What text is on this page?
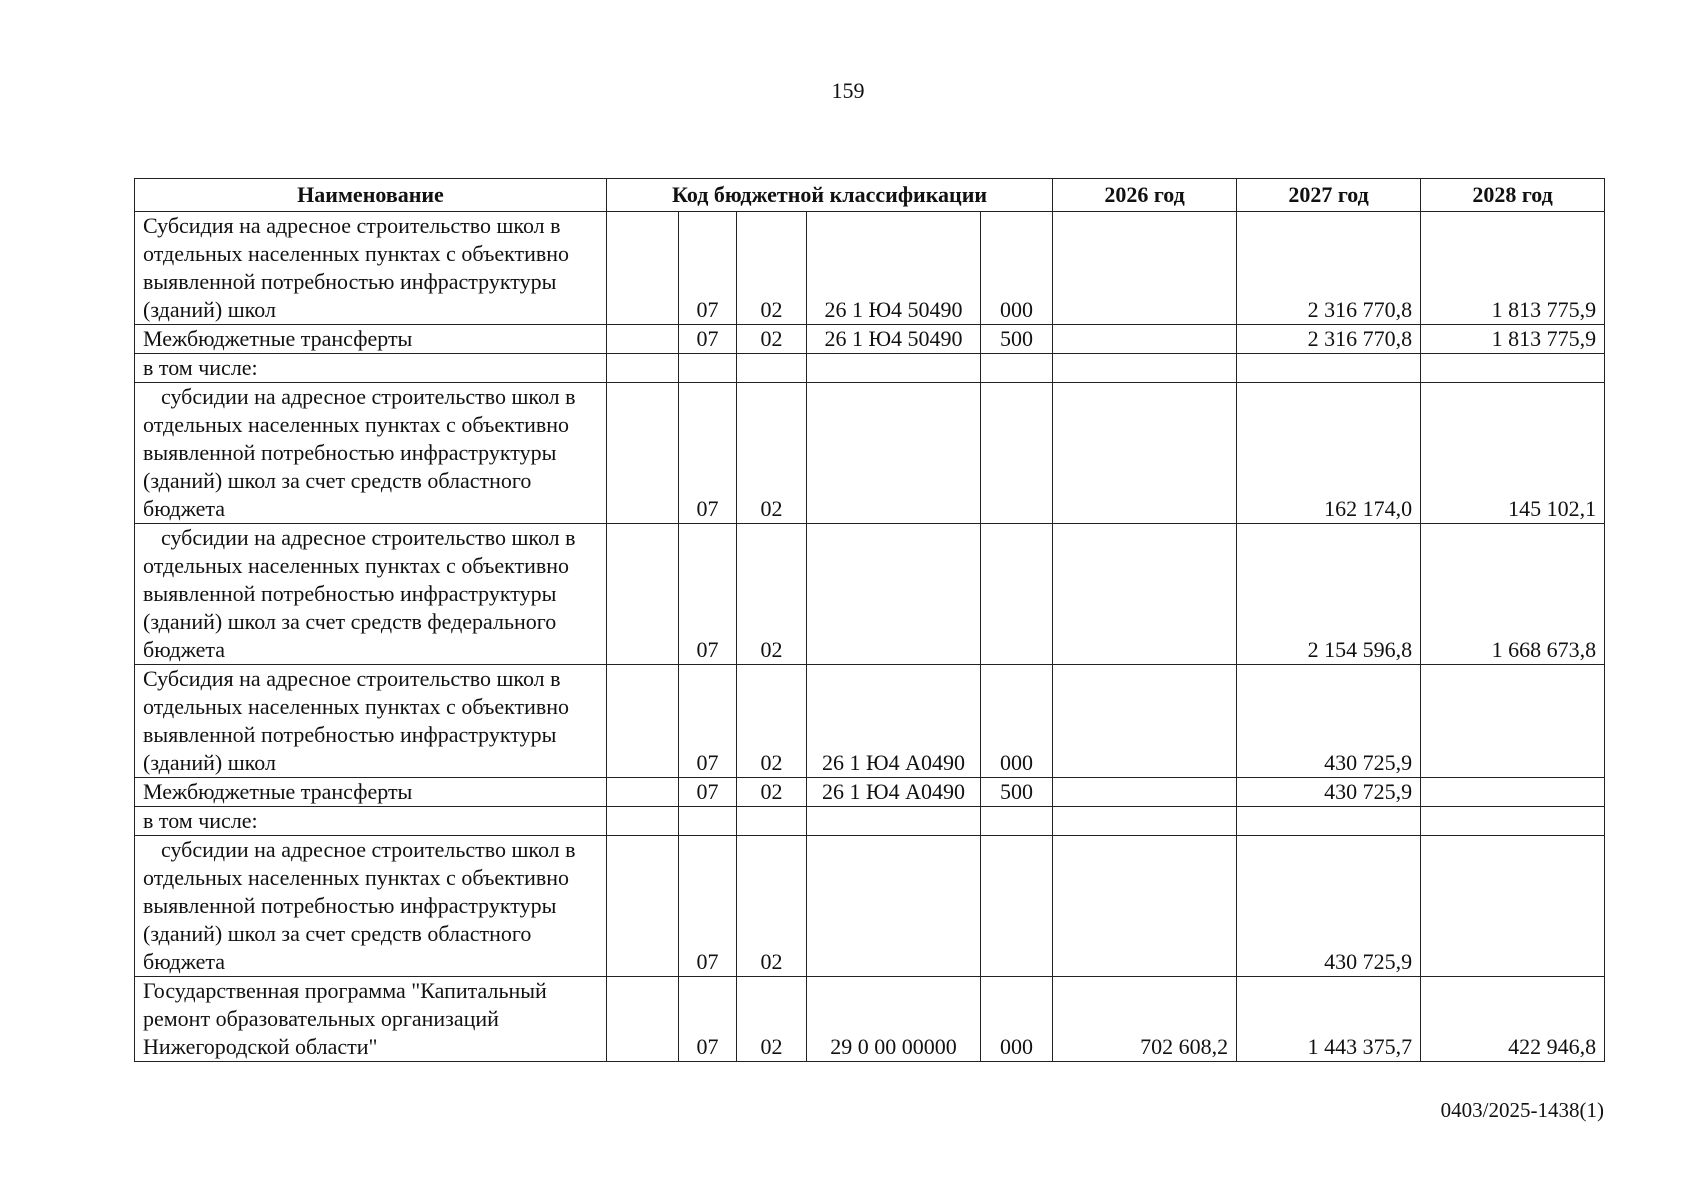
159
Наименование	Код бюджетной классификации					2026 год	2027 год	2028 год
Субсидия на адресное строительство школ в отдельных населенных пунктах с объективно выявленной потребностью инфраструктуры (зданий) школ		07	02	26 1 Ю4 50490	000		2 316 770,8	1 813 775,9
Межбюджетные трансферты		07	02	26 1 Ю4 50490	500		2 316 770,8	1 813 775,9
в том числе:								
субсидии на адресное строительство школ в отдельных населенных пунктах с объективно выявленной потребностью инфраструктуры (зданий) школ за счет средств областного бюджета		07	02				162 174,0	145 102,1
субсидии на адресное строительство школ в отдельных населенных пунктах с объективно выявленной потребностью инфраструктуры (зданий) школ за счет средств федерального бюджета		07	02				2 154 596,8	1 668 673,8
Субсидия на адресное строительство школ в отдельных населенных пунктах с объективно выявленной потребностью инфраструктуры (зданий) школ		07	02	26 1 Ю4 А0490	000		430 725,9	
Межбюджетные трансферты		07	02	26 1 Ю4 А0490	500		430 725,9	
в том числе:								
субсидии на адресное строительство школ в отдельных населенных пунктах с объективно выявленной потребностью инфраструктуры (зданий) школ за счет средств областного бюджета		07	02				430 725,9	
Государственная программа "Капитальный ремонт образовательных организаций Нижегородской области"		07	02	29 0 00 00000	000	702 608,2	1 443 375,7	422 946,8
0403/2025-1438(1)
